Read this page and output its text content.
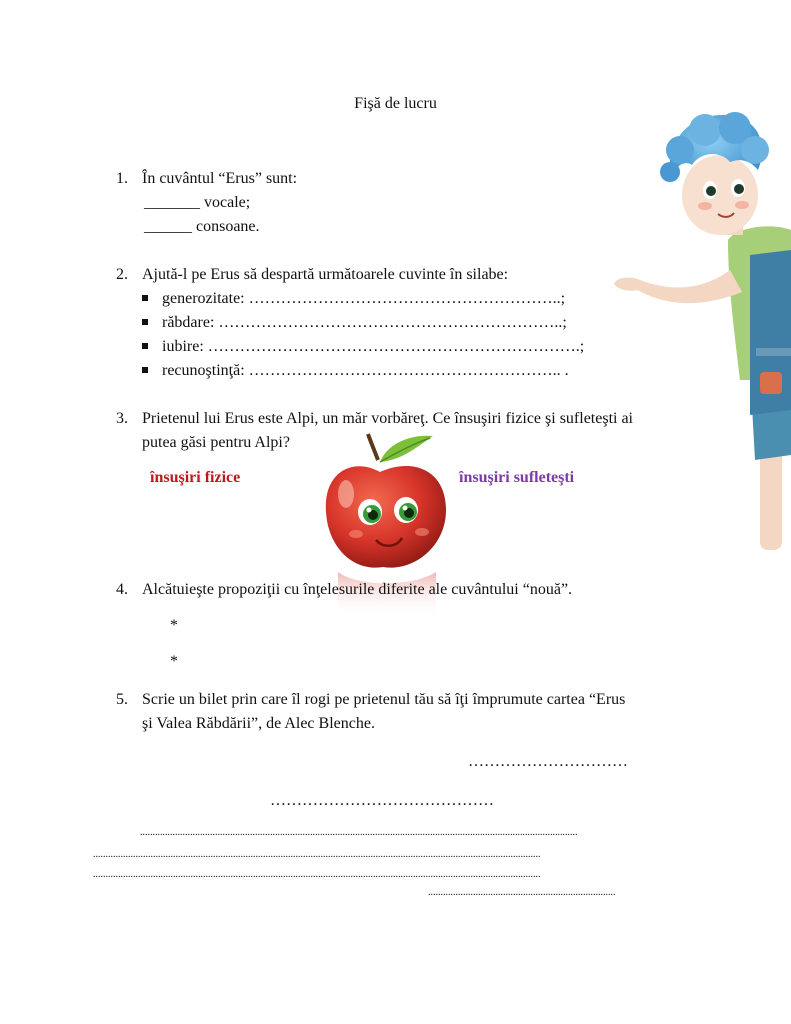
Fişă de lucru
1. În cuvântul “Erus” sunt:
_______ vocale;
______ consoane.
2. Ajută-l pe Erus să despartă următoarele cuvinte în silabe:
generozitate: …………………………………………………..;
răbdare: ………………………………………………………..;
iubire: …………………………………………………………….;
recunoştinţă: ………………………………………………….. .
3. Prietenul lui Erus este Alpi, un măr vorbăreţ. Ce însuşiri fizice şi sufleteşti ai
putea găsi pentru Alpi?
însuşiri fizice	însuşiri sufleteşti
4. Alcătuieşte propoziţii cu înţelesurile diferite ale cuvântului “nouă”.
*
*
5. Scrie un bilet prin care îl rogi pe prietenul tău să îţi împrumute cartea “Erus
şi Valea Răbdării”, de Alec Blenche.
…………………………
……………………………………
...............................................................................................................................................................................
...................................................................................................................................................................................
...................................................................................................................................................................................
...........................................................................
